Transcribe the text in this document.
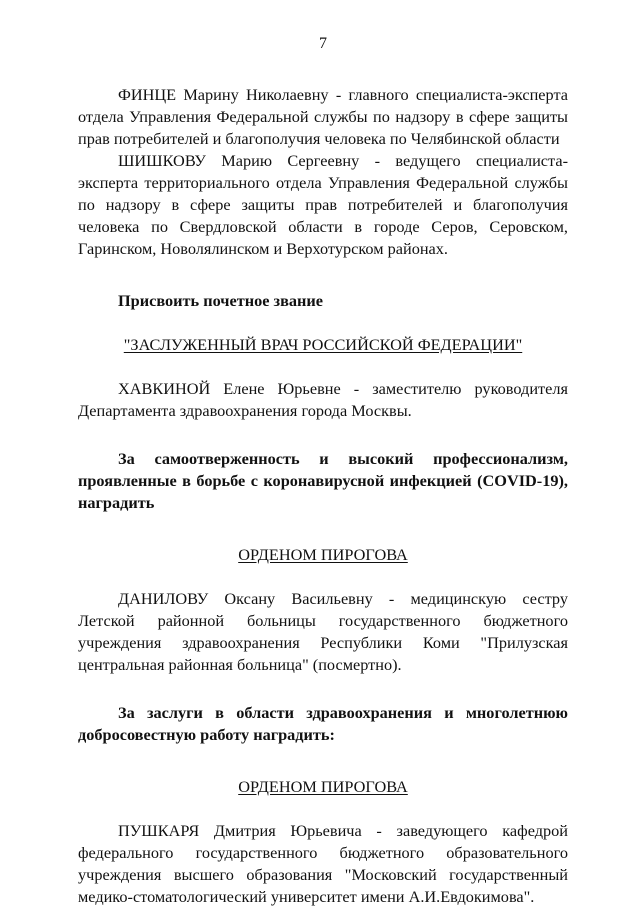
7

ФИНЦЕ Марину Николаевну - главного специалиста-эксперта отдела Управления Федеральной службы по надзору в сфере защиты прав потребителей и благополучия человека по Челябинской области

ШИШКОВУ Марию Сергеевну - ведущего специалиста-эксперта территориального отдела Управления Федеральной службы по надзору в сфере защиты прав потребителей и благополучия человека по Свердловской области в городе Серов, Серовском, Гаринском, Новолялинском и Верхотурском районах.

Присвоить почетное звание

"ЗАСЛУЖЕННЫЙ ВРАЧ РОССИЙСКОЙ ФЕДЕРАЦИИ"

ХАВКИНОЙ Елене Юрьевне - заместителю руководителя Департамента здравоохранения города Москвы.

За самоотверженность и высокий профессионализм, проявленные в борьбе с коронавирусной инфекцией (COVID-19), наградить

ОРДЕНОМ ПИРОГОВА

ДАНИЛОВУ Оксану Васильевну - медицинскую сестру Летской районной больницы государственного бюджетного учреждения здравоохранения Республики Коми "Прилузская центральная районная больница" (посмертно).

За заслуги в области здравоохранения и многолетнюю добросовестную работу наградить:

ОРДЕНОМ ПИРОГОВА

ПУШКАРЯ Дмитрия Юрьевича - заведующего кафедрой федерального государственного бюджетного образовательного учреждения высшего образования "Московский государственный медико-стоматологический университет имени А.И.Евдокимова".
